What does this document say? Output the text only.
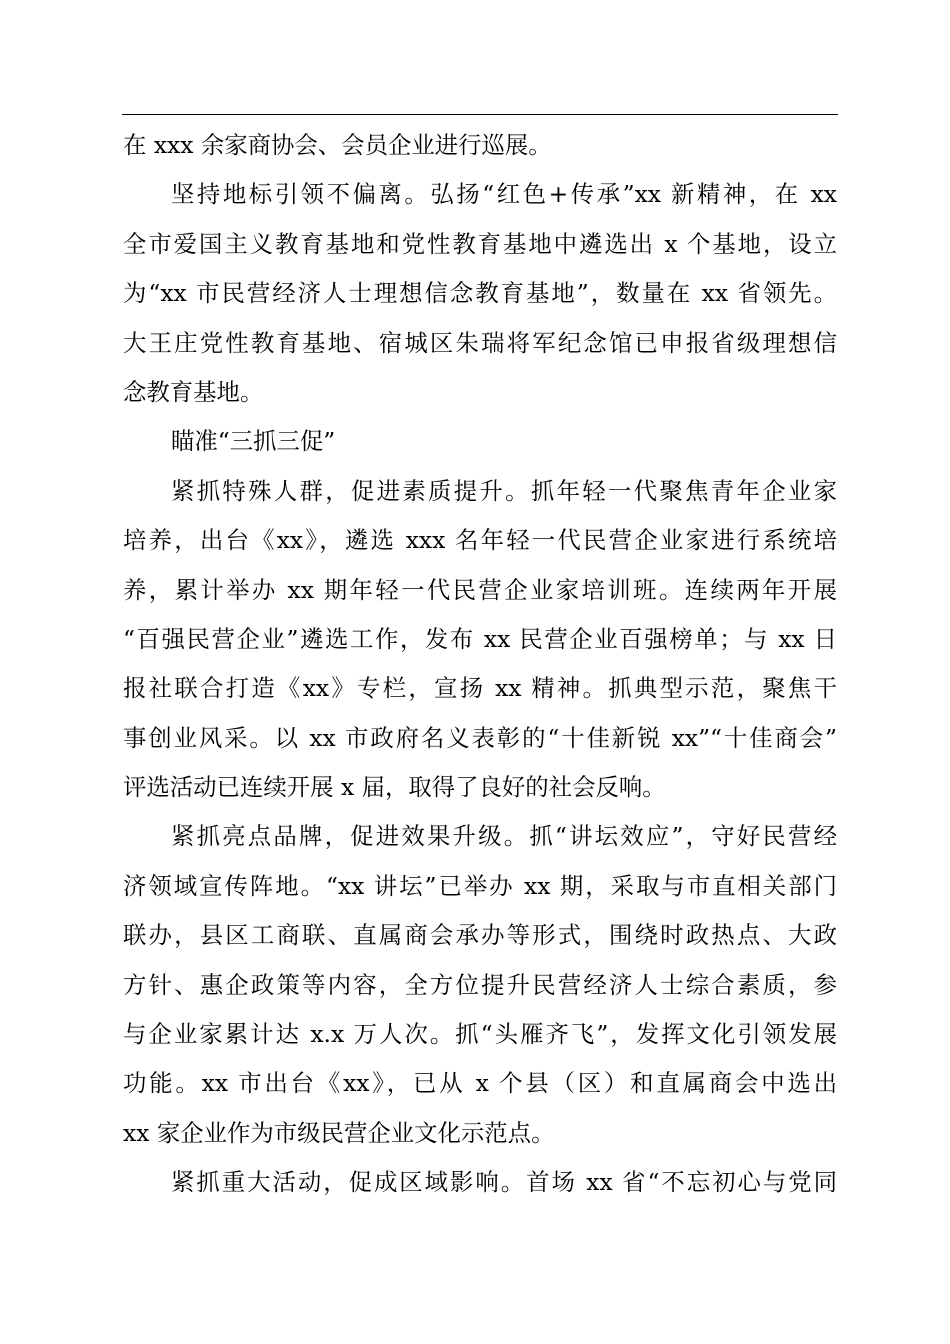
在 xxx 余家商协会、会员企业进行巡展。
坚持地标引领不偏离。弘扬“红色+传承”xx 新精神，在 xx
全市爱国主义教育基地和党性教育基地中遴选出 x 个基地，设立
为“xx 市民营经济人士理想信念教育基地”，数量在 xx 省领先。
大王庄党性教育基地、宿城区朱瑞将军纪念馆已申报省级理想信
念教育基地。
瞄准“三抓三促”
紧抓特殊人群，促进素质提升。抓年轻一代聚焦青年企业家
培养，出台《xx》，遴选 xxx 名年轻一代民营企业家进行系统培
养，累计举办 xx 期年轻一代民营企业家培训班。连续两年开展
“百强民营企业”遴选工作，发布 xx 民营企业百强榜单；与 xx 日
报社联合打造《xx》专栏，宣扬 xx 精神。抓典型示范，聚焦干
事创业风采。以 xx 市政府名义表彰的“十佳新锐 xx”“十佳商会”
评选活动已连续开展 x 届，取得了良好的社会反响。
紧抓亮点品牌，促进效果升级。抓“讲坛效应”，守好民营经
济领域宣传阵地。“xx 讲坛”已举办 xx 期，采取与市直相关部门
联办，县区工商联、直属商会承办等形式，围绕时政热点、大政
方针、惠企政策等内容，全方位提升民营经济人士综合素质，参
与企业家累计达 x.x 万人次。抓“头雁齐飞”，发挥文化引领发展
功能。xx 市出台《xx》，已从 x 个县（区）和直属商会中选出
xx 家企业作为市级民营企业文化示范点。
紧抓重大活动，促成区域影响。首场 xx 省“不忘初心与党同
